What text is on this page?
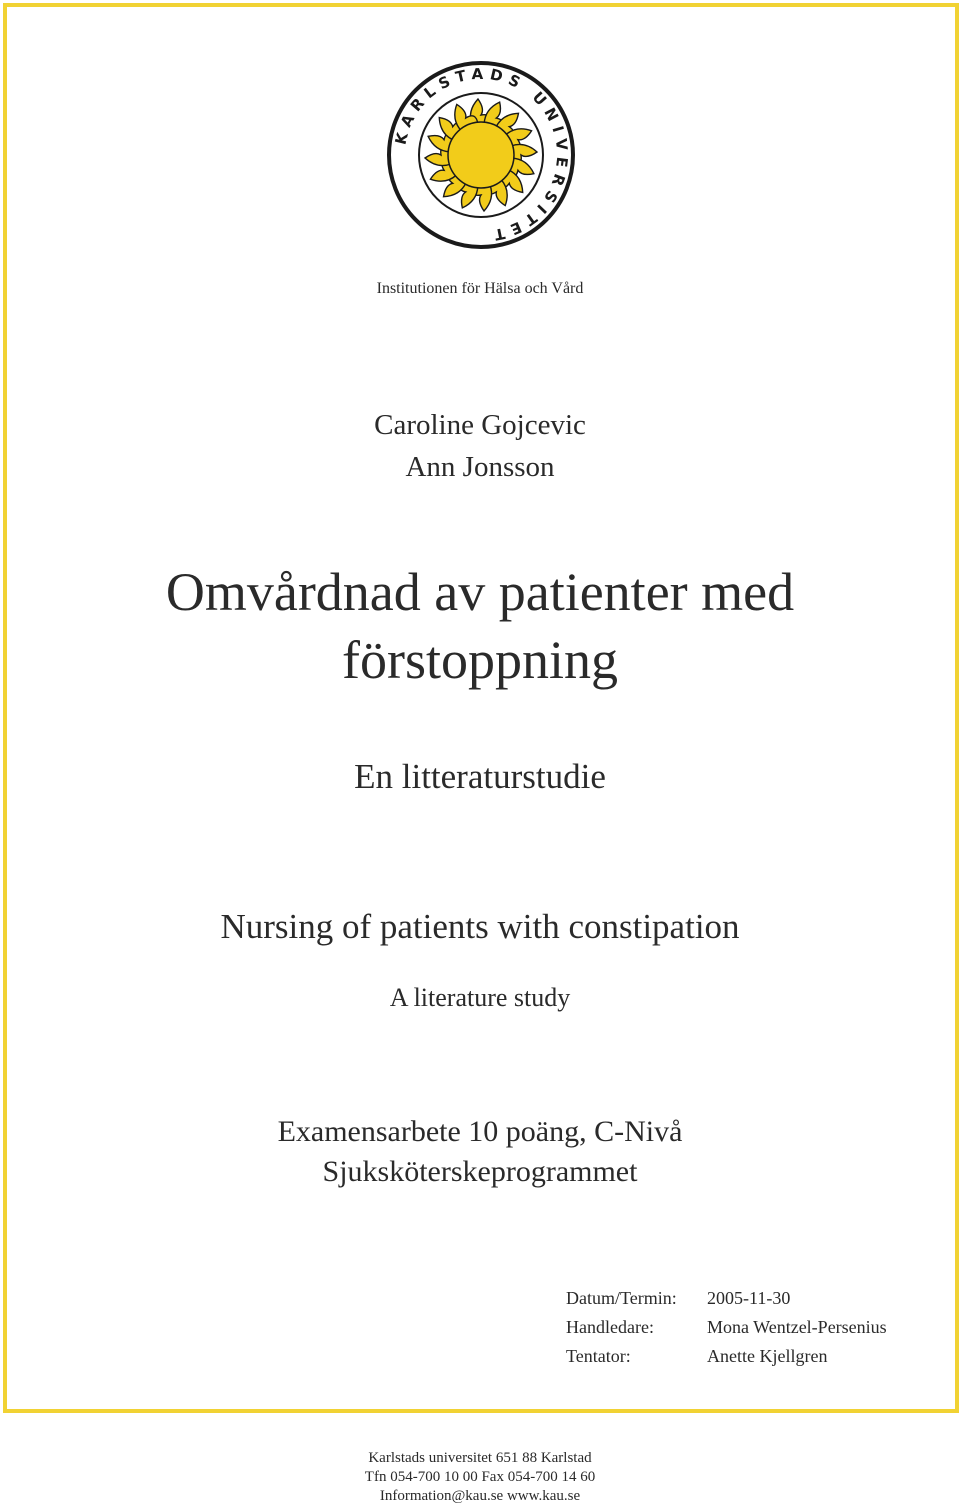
KARLSTADS UNIVERSITET
Institutionen för Hälsa och Vård
Caroline Gojcevic
Ann Jonsson
Omvårdnad av patienter med
förstoppning
En litteraturstudie
Nursing of patients with constipation
A literature study
Examensarbete 10 poäng, C-Nivå
Sjuksköterskeprogrammet
Datum/Termin:	2005-11-30
Handledare:	Mona Wentzel-Persenius
Tentator:	Anette Kjellgren
Karlstads universitet 651 88 Karlstad
Tfn 054-700 10 00 Fax 054-700 14 60
Information@kau.se www.kau.se
